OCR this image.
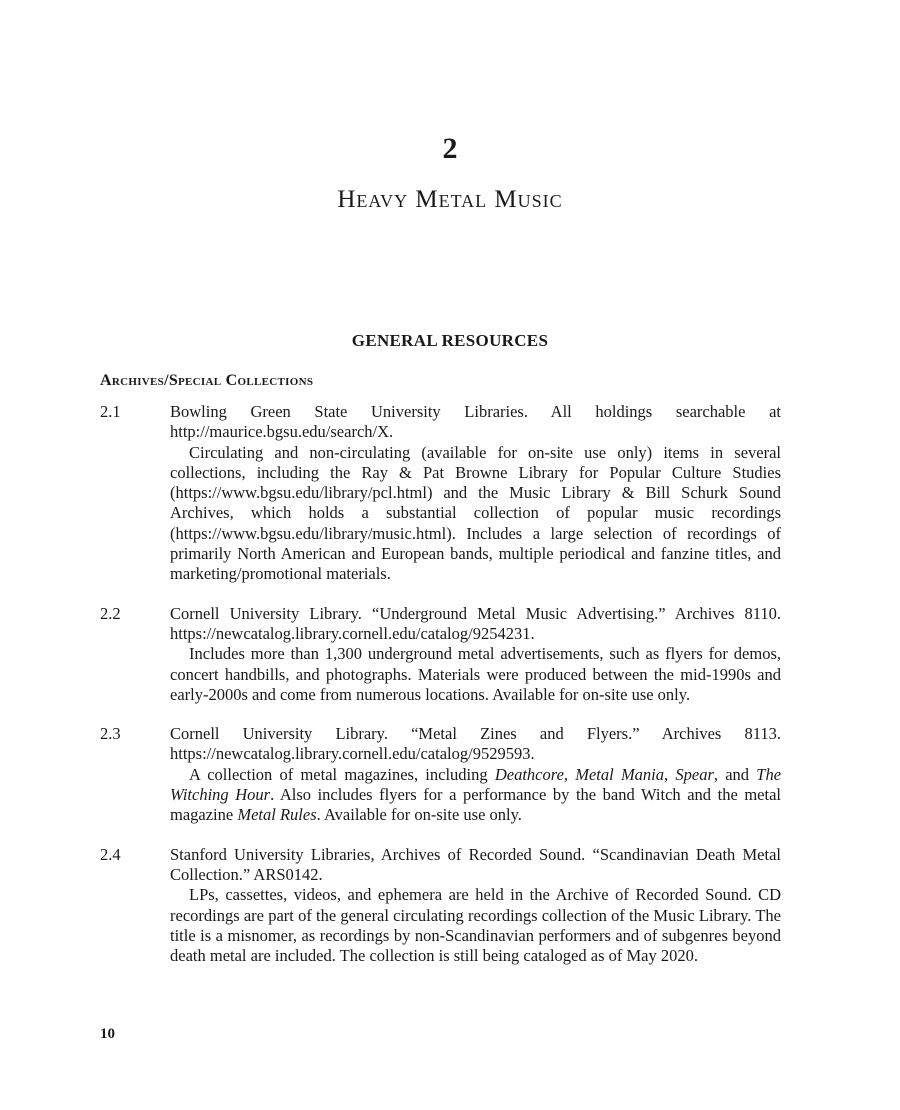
2
Heavy Metal Music
GENERAL RESOURCES
Archives/Special Collections
2.1	Bowling Green State University Libraries. All holdings searchable at http://maurice.bgsu.edu/search/X.

Circulating and non-circulating (available for on-site use only) items in several collections, including the Ray & Pat Browne Library for Popular Culture Studies (https://www.bgsu.edu/library/pcl.html) and the Music Library & Bill Schurk Sound Archives, which holds a substantial collection of popular music recordings (https://www.bgsu.edu/library/music.html). Includes a large selection of recordings of primarily North American and European bands, multiple periodical and fanzine titles, and marketing/promotional materials.

2.2	Cornell University Library. “Underground Metal Music Advertising.” Archives 8110. https://newcatalog.library.cornell.edu/catalog/9254231.

Includes more than 1,300 underground metal advertisements, such as flyers for demos, concert handbills, and photographs. Materials were produced between the mid-1990s and early-2000s and come from numerous locations. Available for on-site use only.

2.3	Cornell University Library. “Metal Zines and Flyers.” Archives 8113. https://newcatalog.library.cornell.edu/catalog/9529593.

A collection of metal magazines, including Deathcore, Metal Mania, Spear, and The Witching Hour. Also includes flyers for a performance by the band Witch and the metal magazine Metal Rules. Available for on-site use only.

2.4	Stanford University Libraries, Archives of Recorded Sound. “Scandinavian Death Metal Collection.” ARS0142.

LPs, cassettes, videos, and ephemera are held in the Archive of Recorded Sound. CD recordings are part of the general circulating recordings collection of the Music Library. The title is a misnomer, as recordings by non-Scandinavian performers and of subgenres beyond death metal are included. The collection is still being cataloged as of May 2020.

10
